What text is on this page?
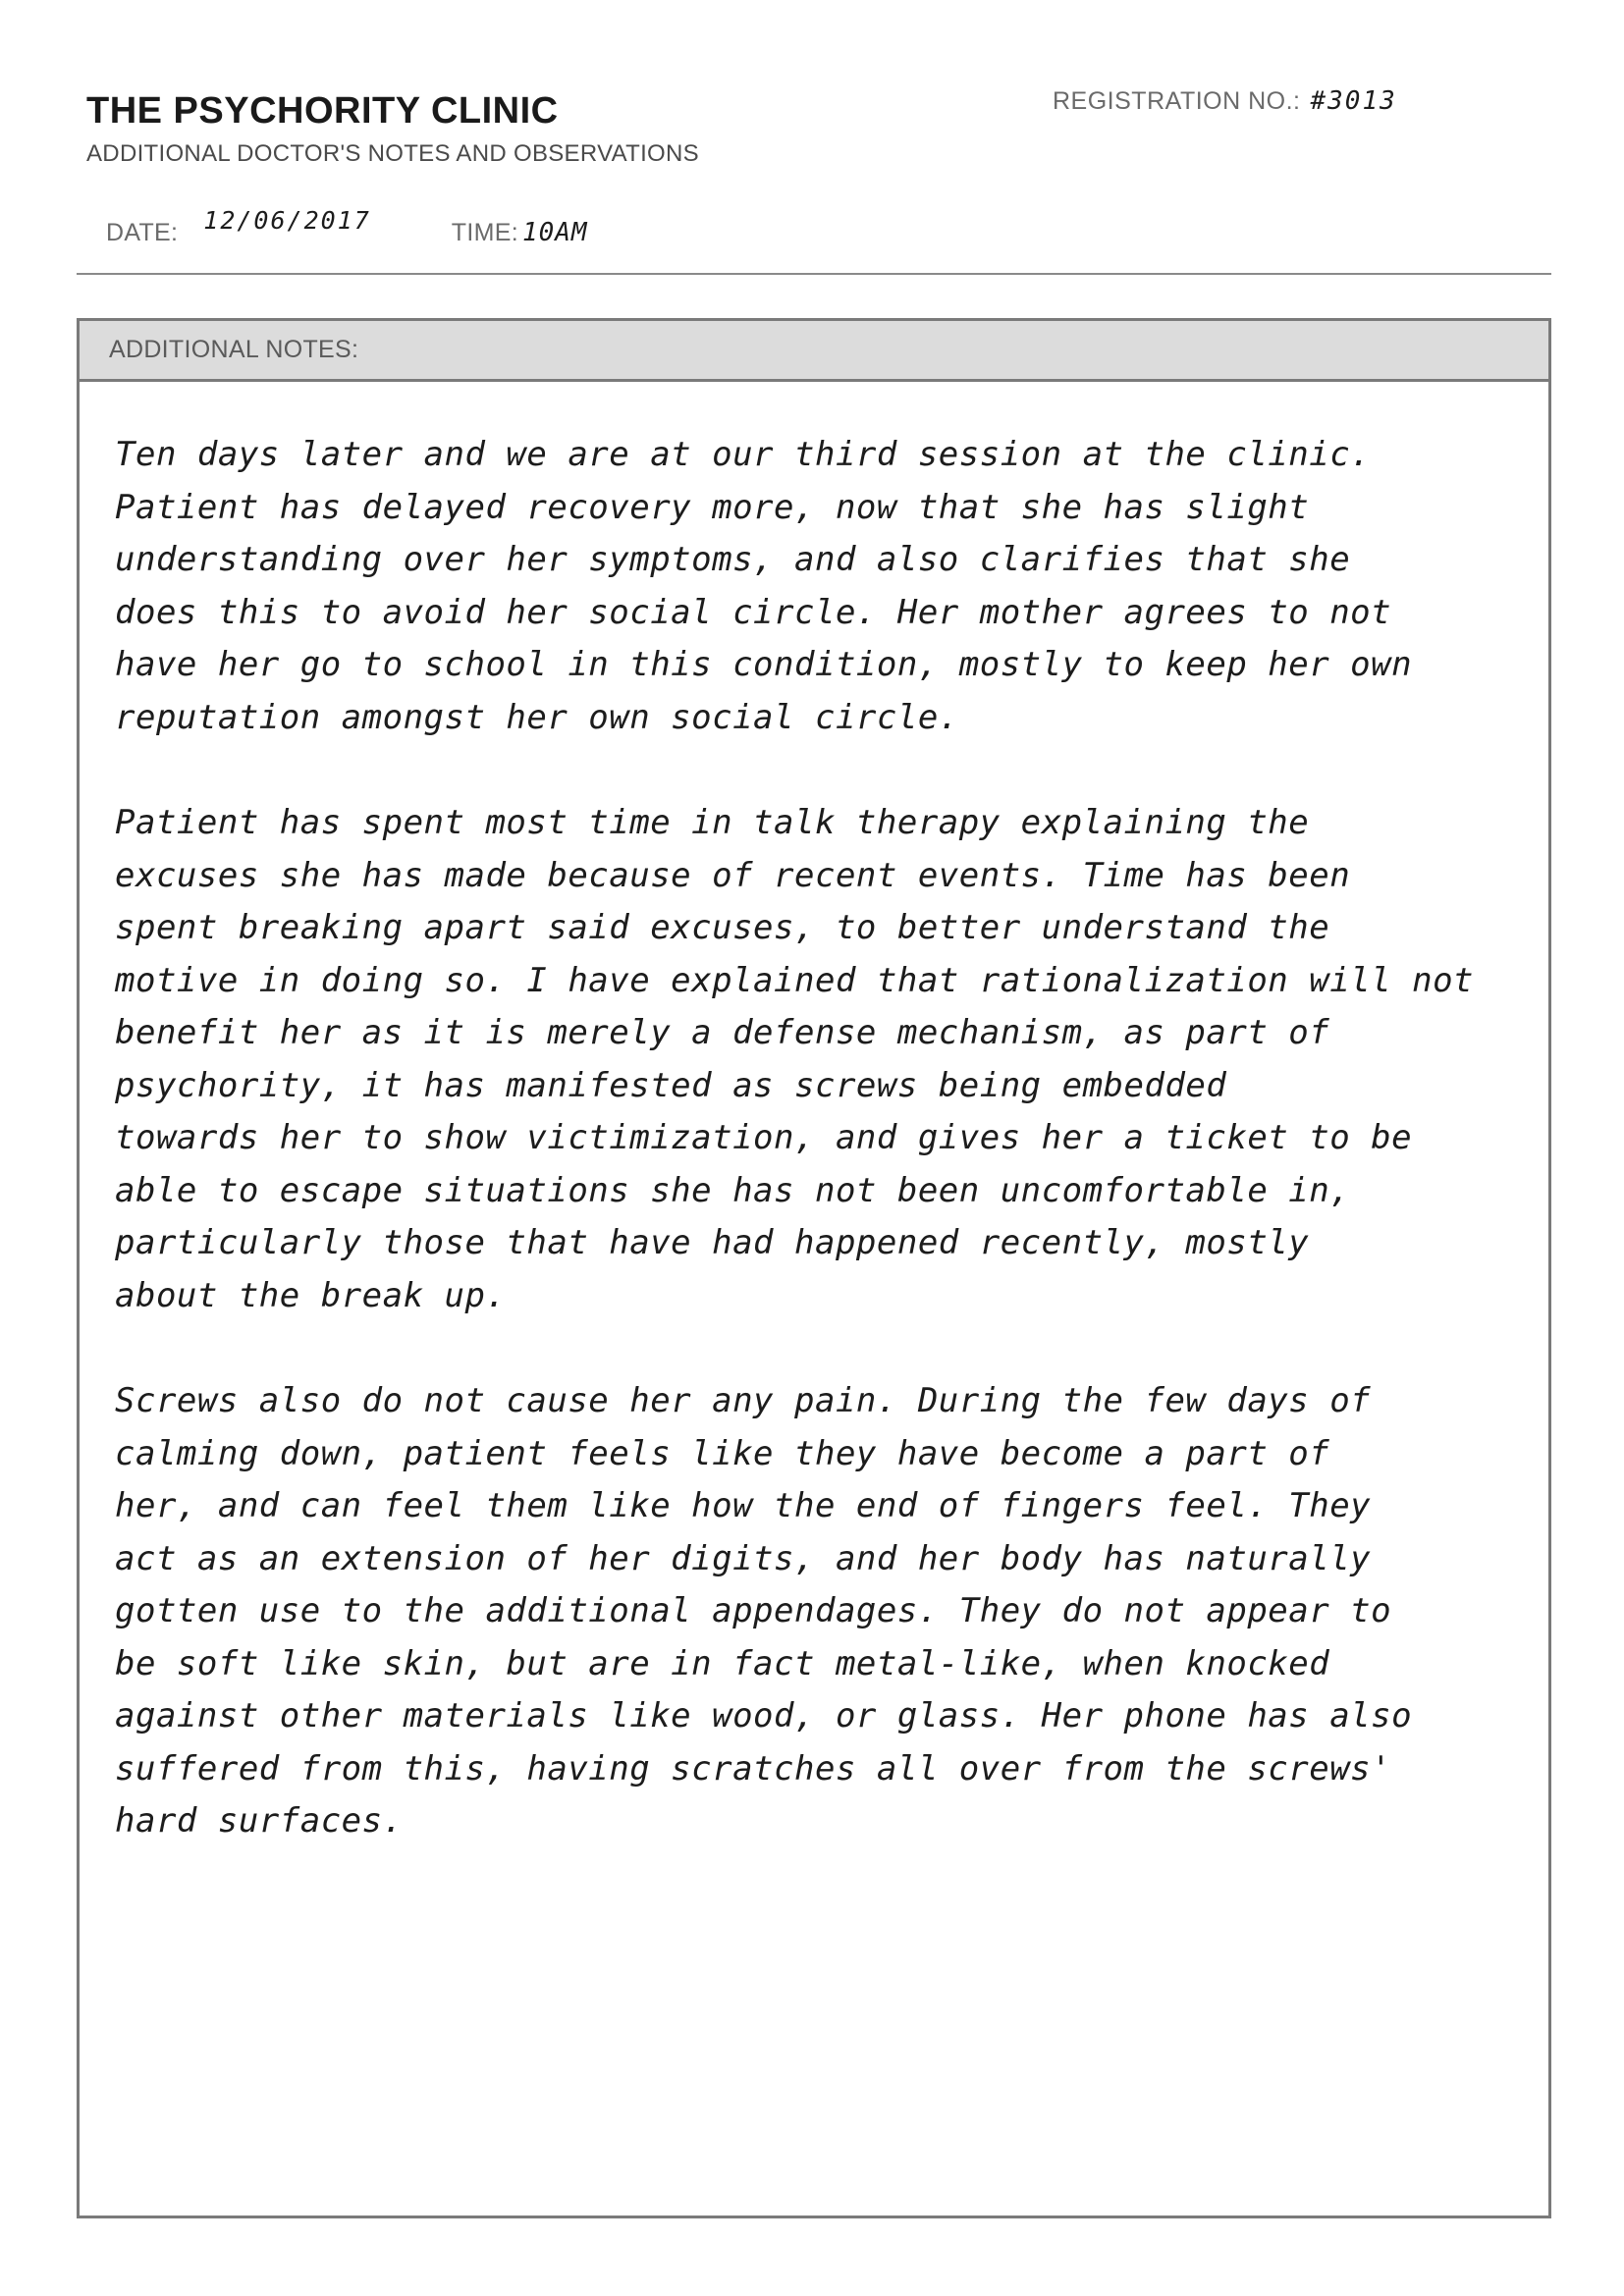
THE PSYCHORITY CLINIC
ADDITIONAL DOCTOR'S NOTES AND OBSERVATIONS
REGISTRATION NO.: #3013
DATE: 12/06/2017	TIME: 10AM
ADDITIONAL NOTES:
Ten days later and we are at our third session at the clinic.
Patient has delayed recovery more, now that she has slight
understanding over her symptoms, and also clarifies that she
does this to avoid her social circle. Her mother agrees to not
have her go to school in this condition, mostly to keep her own
reputation amongst her own social circle.
Patient has spent most time in talk therapy explaining the
excuses she has made because of recent events. Time has been
spent breaking apart said excuses, to better understand the
motive in doing so. I have explained that rationalization will not
benefit her as it is merely a defense mechanism, as part of
psychority, it has manifested as screws being embedded
towards her to show victimization, and gives her a ticket to be
able to escape situations she has not been uncomfortable in,
particularly those that have had happened recently, mostly
about the break up.
Screws also do not cause her any pain. During the few days of
calming down, patient feels like they have become a part of
her, and can feel them like how the end of fingers feel. They
act as an extension of her digits, and her body has naturally
gotten use to the additional appendages. They do not appear to
be soft like skin, but are in fact metal-like, when knocked
against other materials like wood, or glass. Her phone has also
suffered from this, having scratches all over from the screws'
hard surfaces.
